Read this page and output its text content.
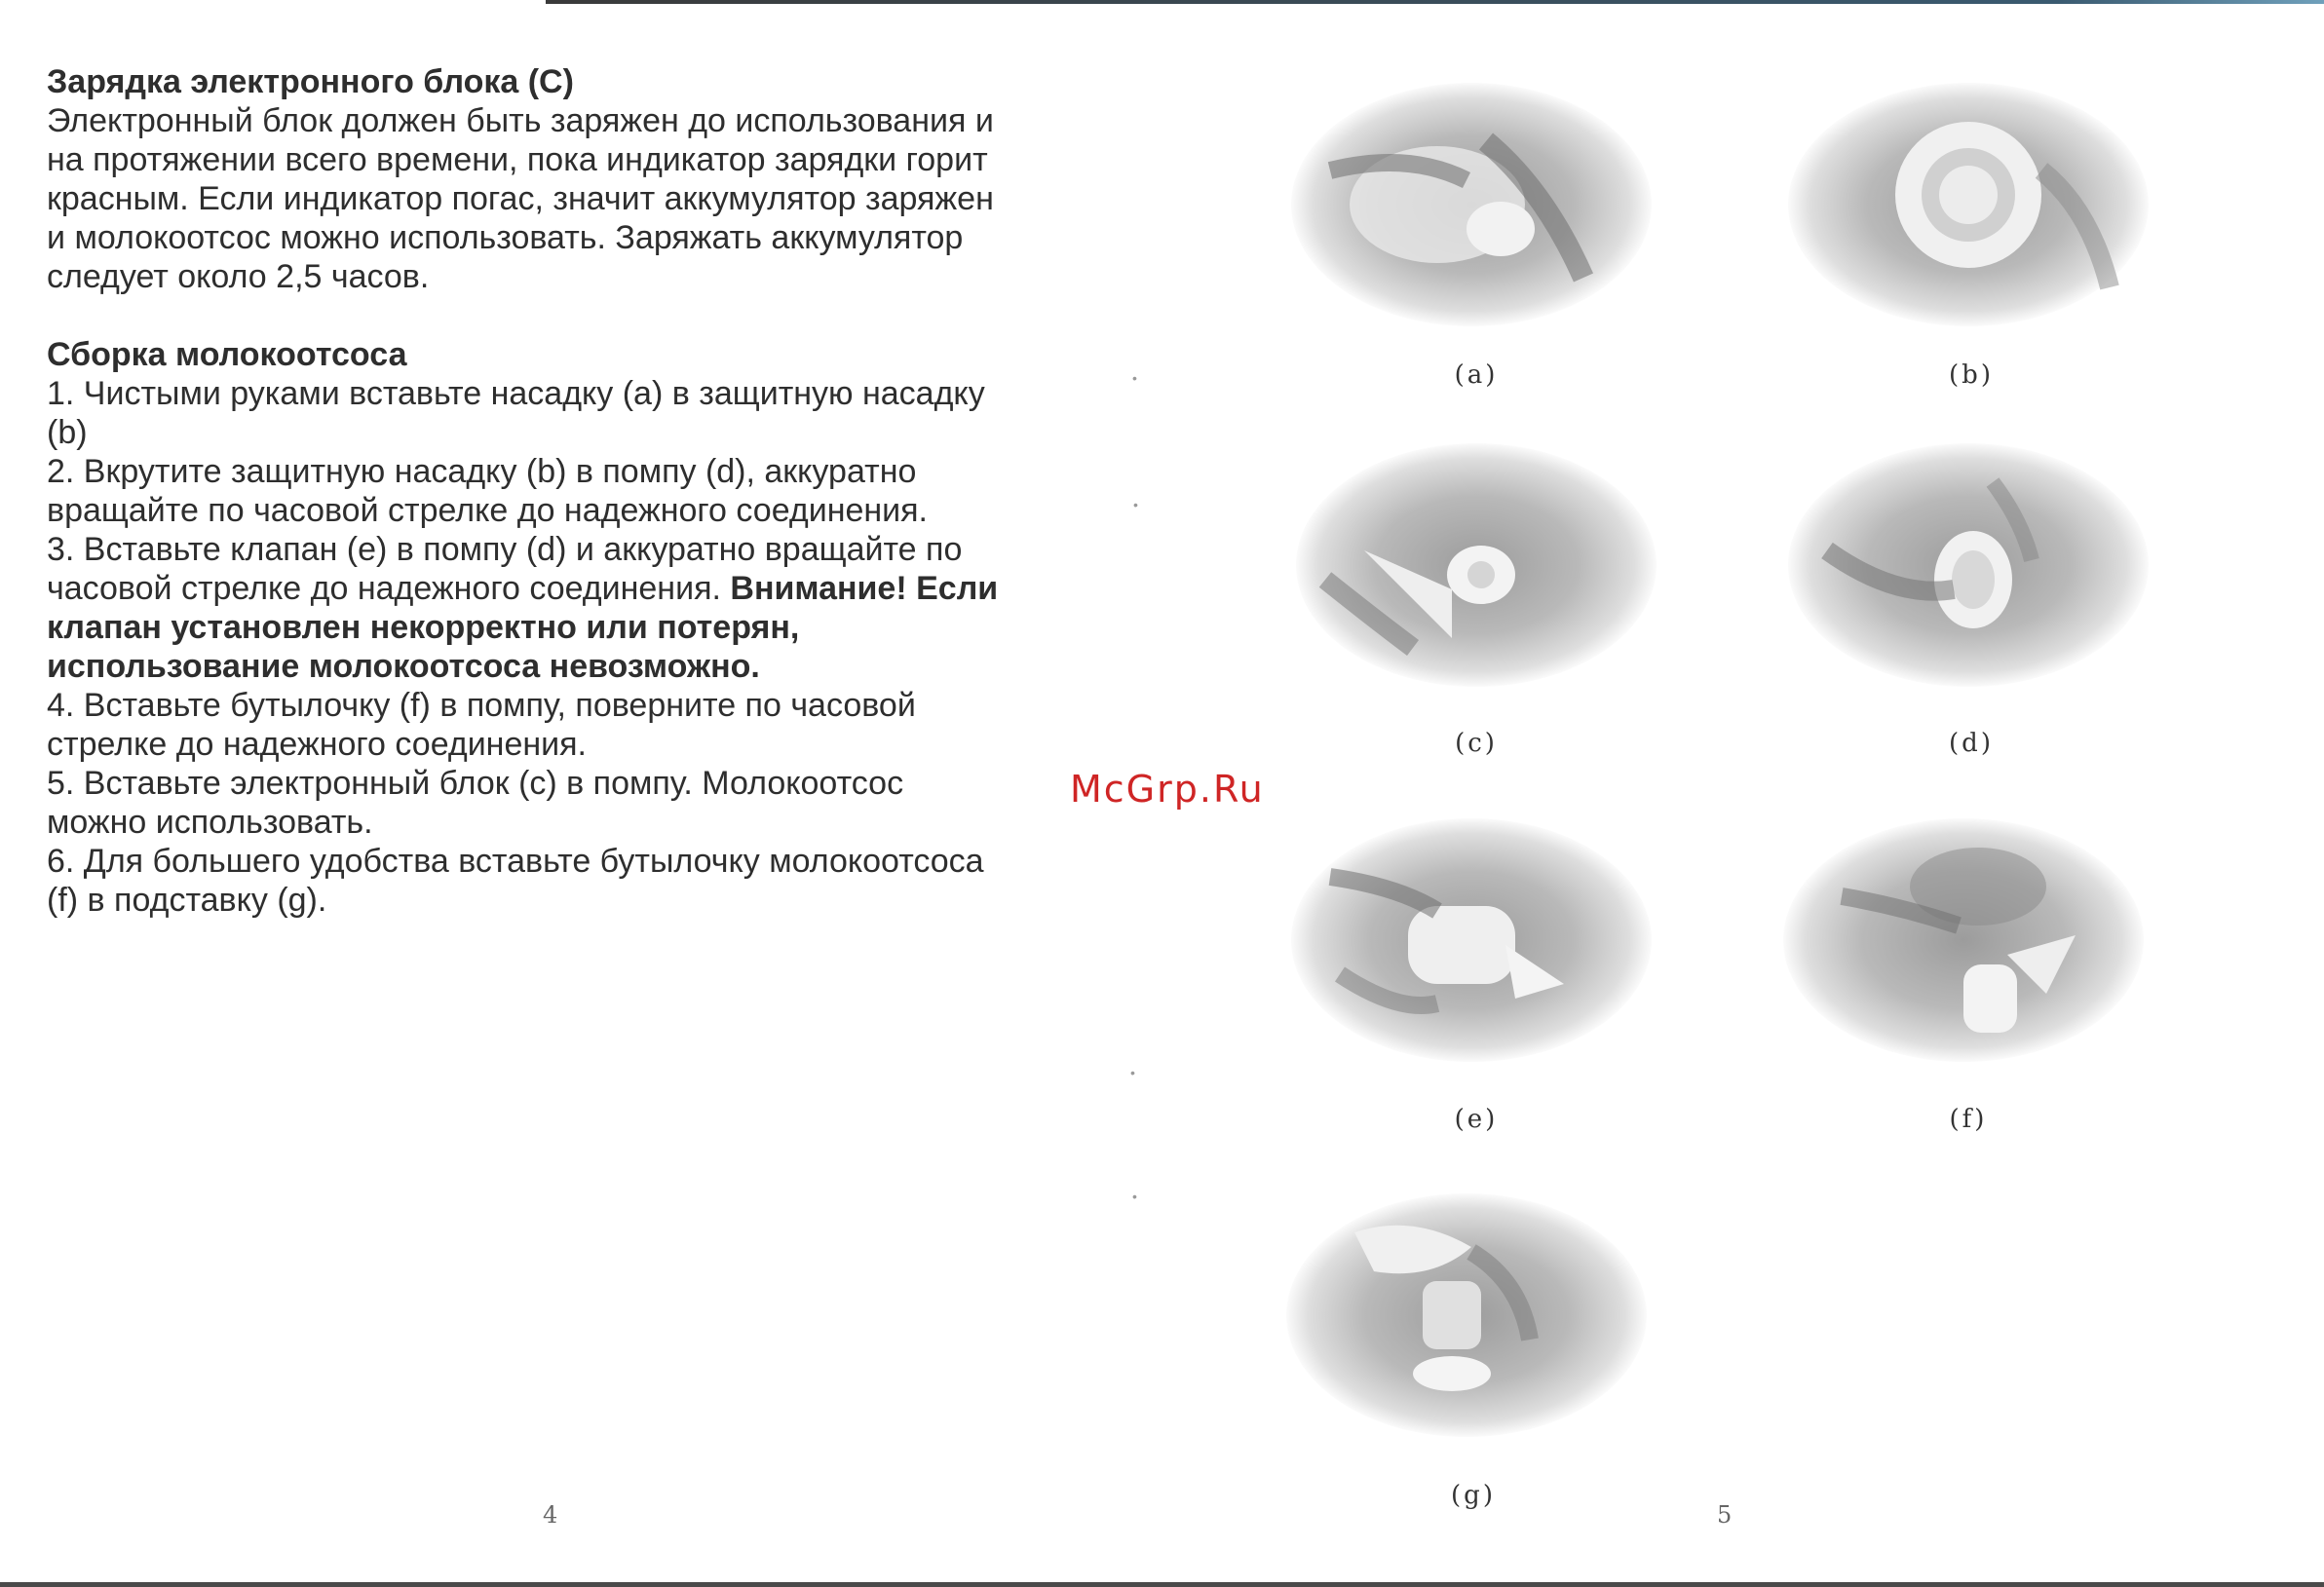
Зарядка электронного блока (С)

Электронный блок должен быть заряжен до использования и

на протяжении всего времени, пока индикатор зарядки горит

красным. Если индикатор погас, значит аккумулятор заряжен

и молокоотсос можно использовать. Заряжать аккумулятор

следует около 2,5 часов.

Сборка молокоотсоса

1. Чистыми руками вставьте насадку (a) в защитную насадку

(b)

2. Вкрутите защитную насадку (b) в помпу (d), аккуратно

вращайте по часовой стрелке до надежного соединения.

3. Вставьте клапан (e) в помпу (d) и аккуратно вращайте по

часовой стрелке до надежного соединения. Внимание! Если

клапан установлен некорректно или потерян,

использование молокоотсоса невозможно.

4. Вставьте бутылочку (f) в помпу, поверните по часовой

стрелке до надежного соединения.

5. Вставьте электронный блок (c) в помпу. Молокоотсос

можно использовать.

6. Для большего удобства вставьте бутылочку молокоотсоса

(f) в подставку (g).

McGrp.Ru
(a)	(b)
(c)	(d)
(e)	(f)
(g)
4	5
•
•
•
•
